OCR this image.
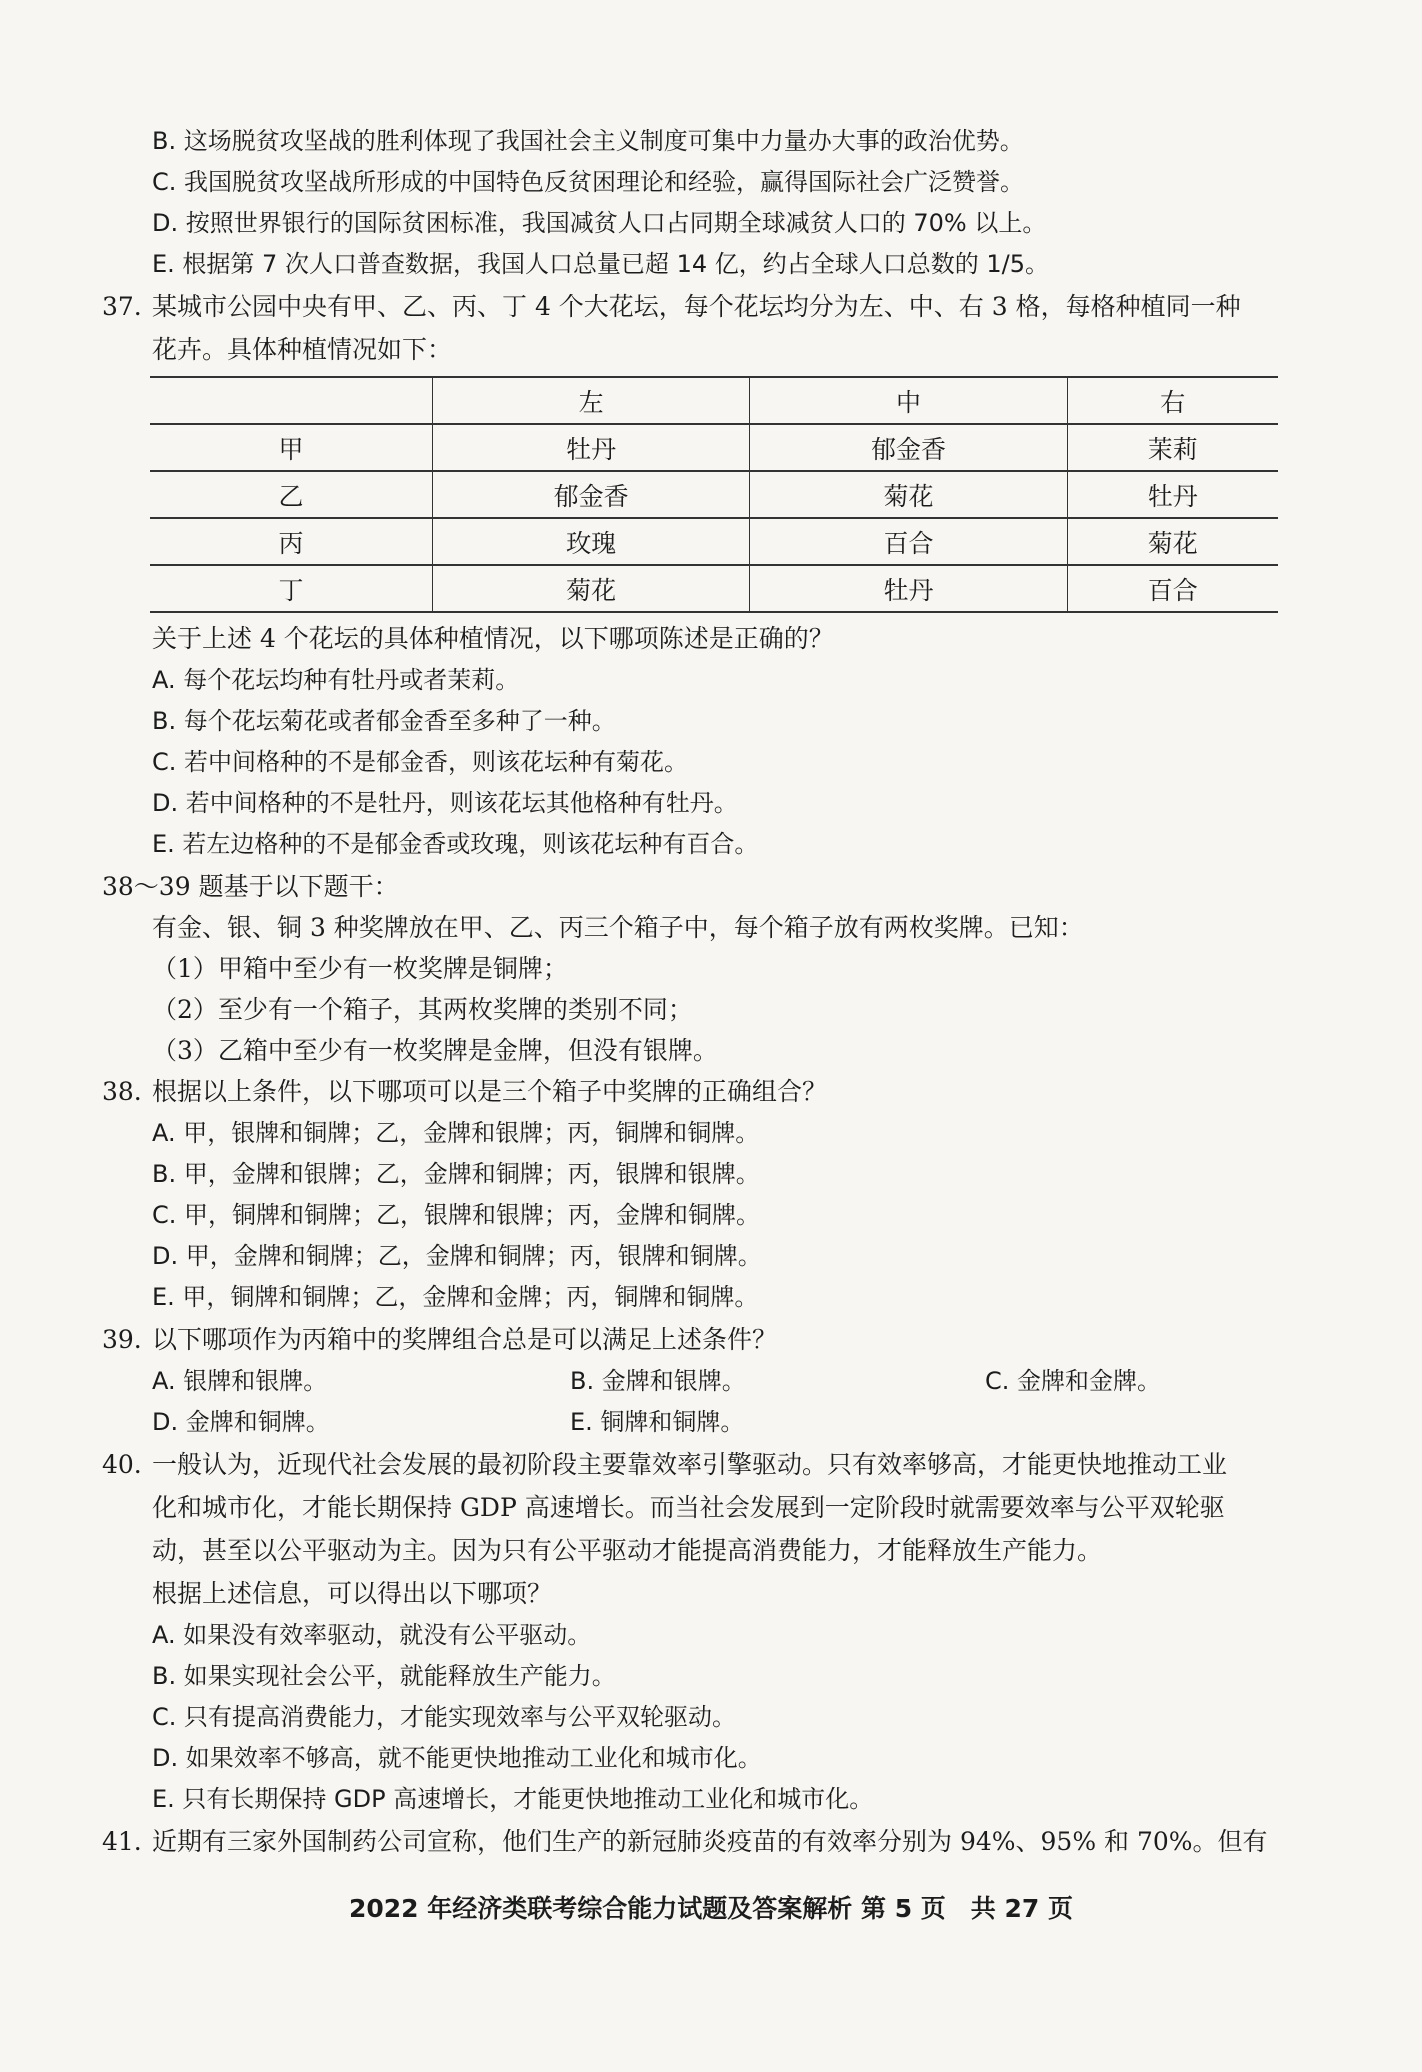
B. 这场脱贫攻坚战的胜利体现了我国社会主义制度可集中力量办大事的政治优势。
C. 我国脱贫攻坚战所形成的中国特色反贫困理论和经验，赢得国际社会广泛赞誉。
D. 按照世界银行的国际贫困标准，我国减贫人口占同期全球减贫人口的 70% 以上。
E. 根据第 7 次人口普查数据，我国人口总量已超 14 亿，约占全球人口总数的 1/5。
37. 某城市公园中央有甲、乙、丙、丁 4 个大花坛，每个花坛均分为左、中、右 3 格，每格种植同一种
花卉。具体种植情况如下：
	左	中	右
甲	牡丹	郁金香	茉莉
乙	郁金香	菊花	牡丹
丙	玫瑰	百合	菊花
丁	菊花	牡丹	百合
关于上述 4 个花坛的具体种植情况，以下哪项陈述是正确的？
A. 每个花坛均种有牡丹或者茉莉。
B. 每个花坛菊花或者郁金香至多种了一种。
C. 若中间格种的不是郁金香，则该花坛种有菊花。
D. 若中间格种的不是牡丹，则该花坛其他格种有牡丹。
E. 若左边格种的不是郁金香或玫瑰，则该花坛种有百合。
38～39 题基于以下题干：
有金、银、铜 3 种奖牌放在甲、乙、丙三个箱子中，每个箱子放有两枚奖牌。已知：
（1）甲箱中至少有一枚奖牌是铜牌；
（2）至少有一个箱子，其两枚奖牌的类别不同；
（3）乙箱中至少有一枚奖牌是金牌，但没有银牌。
38. 根据以上条件，以下哪项可以是三个箱子中奖牌的正确组合？
A. 甲，银牌和铜牌；乙，金牌和银牌；丙，铜牌和铜牌。
B. 甲，金牌和银牌；乙，金牌和铜牌；丙，银牌和银牌。
C. 甲，铜牌和铜牌；乙，银牌和银牌；丙，金牌和铜牌。
D. 甲，金牌和铜牌；乙，金牌和铜牌；丙，银牌和铜牌。
E. 甲，铜牌和铜牌；乙，金牌和金牌；丙，铜牌和铜牌。
39. 以下哪项作为丙箱中的奖牌组合总是可以满足上述条件？
A. 银牌和银牌。	B. 金牌和银牌。	C. 金牌和金牌。
D. 金牌和铜牌。	E. 铜牌和铜牌。
40. 一般认为，近现代社会发展的最初阶段主要靠效率引擎驱动。只有效率够高，才能更快地推动工业
化和城市化，才能长期保持 GDP 高速增长。而当社会发展到一定阶段时就需要效率与公平双轮驱
动，甚至以公平驱动为主。因为只有公平驱动才能提高消费能力，才能释放生产能力。
根据上述信息，可以得出以下哪项？
A. 如果没有效率驱动，就没有公平驱动。
B. 如果实现社会公平，就能释放生产能力。
C. 只有提高消费能力，才能实现效率与公平双轮驱动。
D. 如果效率不够高，就不能更快地推动工业化和城市化。
E. 只有长期保持 GDP 高速增长，才能更快地推动工业化和城市化。
41. 近期有三家外国制药公司宣称，他们生产的新冠肺炎疫苗的有效率分别为 94%、95% 和 70%。但有
2022 年经济类联考综合能力试题及答案解析 第 5 页　共 27 页
